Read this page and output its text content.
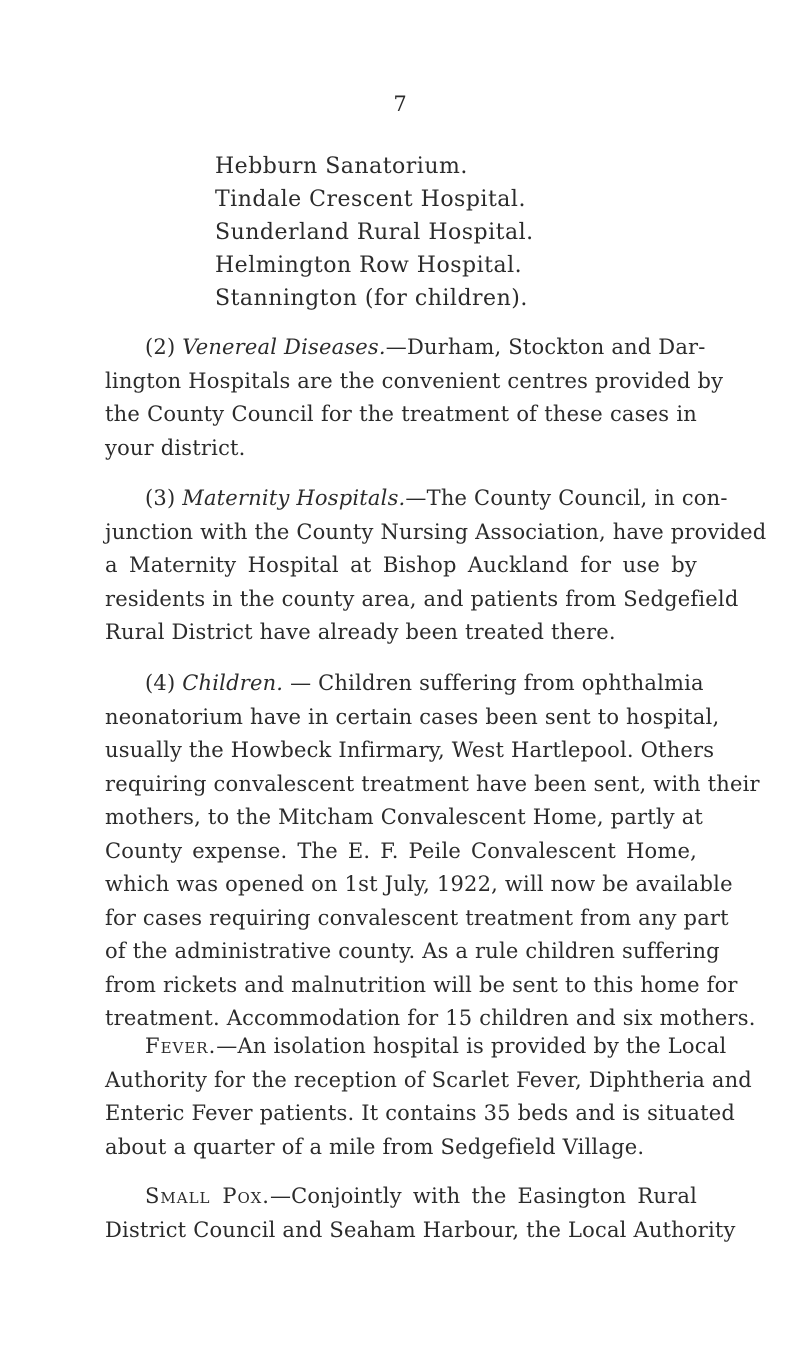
7
Hebburn Sanatorium.
Tindale Crescent Hospital.
Sunderland Rural Hospital.
Helmington Row Hospital.
Stannington (for children).

(2) Venereal Diseases.—Durham, Stockton and Dar-
lington Hospitals are the convenient centres provided by
the County Council for the treatment of these cases in
your district.

(3) Maternity Hospitals.—The County Council, in con-
junction with the County Nursing Association, have provided
a Maternity Hospital at Bishop Auckland for use by
residents in the county area, and patients from Sedgefield
Rural District have already been treated there.

(4) Children. — Children suffering from ophthalmia
neonatorium have in certain cases been sent to hospital,
usually the Howbeck Infirmary, West Hartlepool. Others
requiring convalescent treatment have been sent, with their
mothers, to the Mitcham Convalescent Home, partly at
County expense. The E. F. Peile Convalescent Home,
which was opened on 1st July, 1922, will now be available
for cases requiring convalescent treatment from any part
of the administrative county. As a rule children suffering
from rickets and malnutrition will be sent to this home for
treatment. Accommodation for 15 children and six mothers.

Fever.—An isolation hospital is provided by the Local
Authority for the reception of Scarlet Fever, Diphtheria and
Enteric Fever patients. It contains 35 beds and is situated
about a quarter of a mile from Sedgefield Village.

Small Pox.—Conjointly with the Easington Rural
District Council and Seaham Harbour, the Local Authority
